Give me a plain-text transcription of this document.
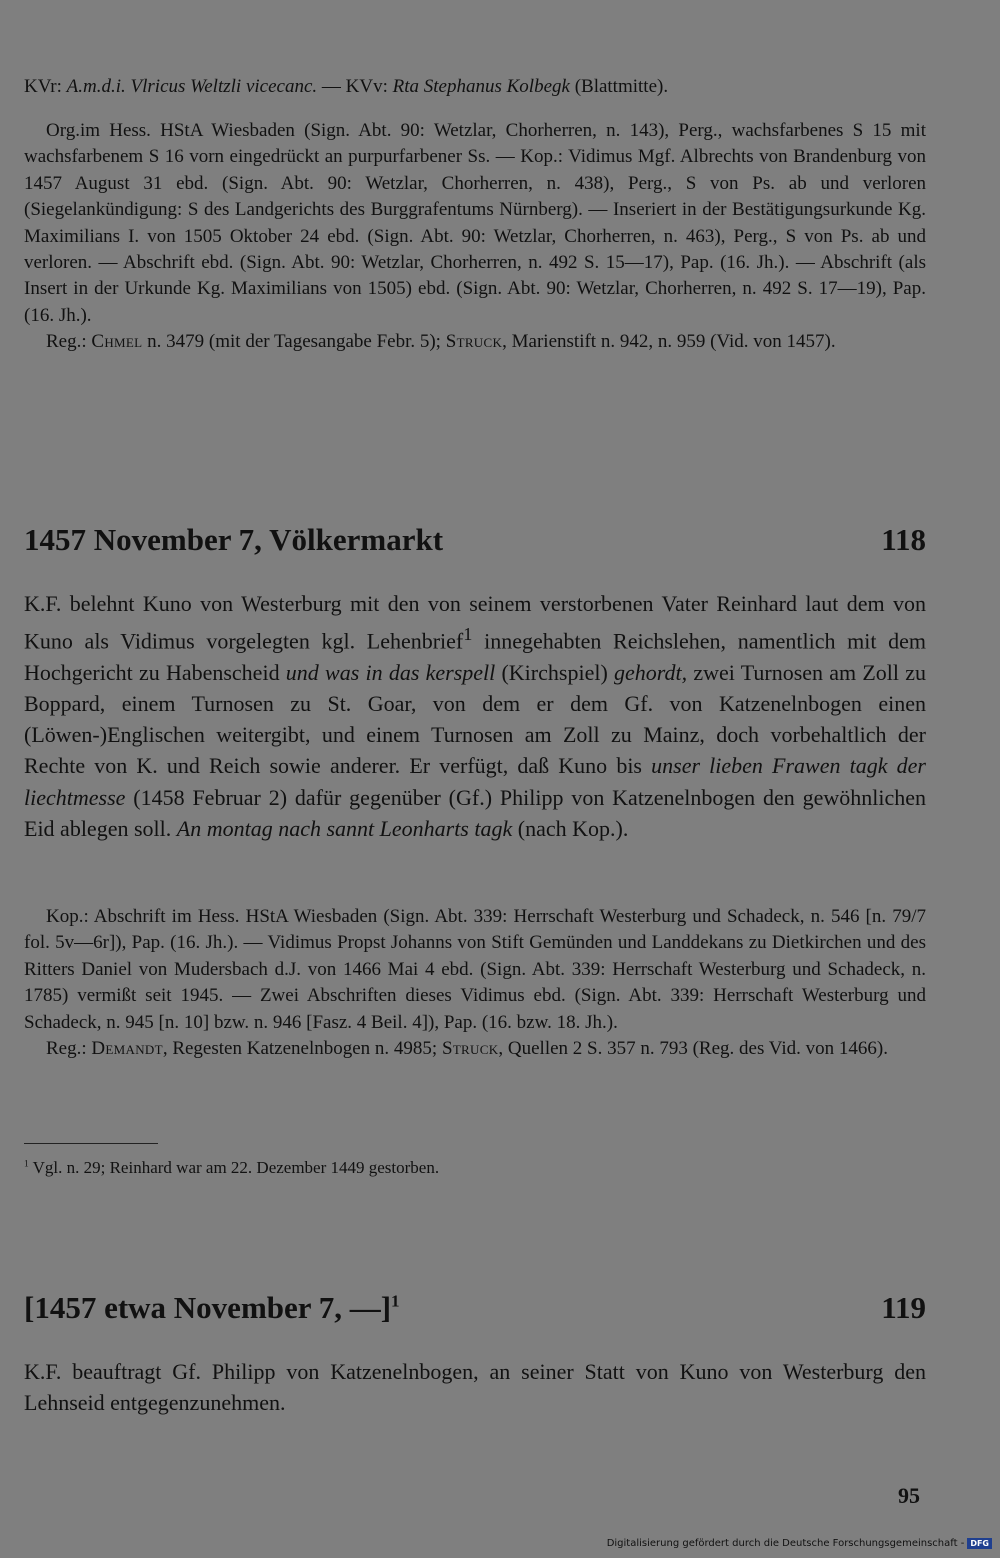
KVr: A.m.d.i. Vlricus Weltzli vicecanc. — KVv: Rta Stephanus Kolbegk (Blattmitte).

Org.im Hess. HStA Wiesbaden (Sign. Abt. 90: Wetzlar, Chorherren, n. 143), Perg., wachsfarbenes S 15 mit wachsfarbenem S 16 vorn eingedrückt an purpurfarbener Ss. — Kop.: Vidimus Mgf. Albrechts von Brandenburg von 1457 August 31 ebd. (Sign. Abt. 90: Wetzlar, Chorherren, n. 438), Perg., S von Ps. ab und verloren (Siegelankündigung: S des Landgerichts des Burggrafentums Nürnberg). — Inseriert in der Bestätigungsurkunde Kg. Maximilians I. von 1505 Oktober 24 ebd. (Sign. Abt. 90: Wetzlar, Chorherren, n. 463), Perg., S von Ps. ab und verloren. — Abschrift ebd. (Sign. Abt. 90: Wetzlar, Chorherren, n. 492 S. 15—17), Pap. (16. Jh.). — Abschrift (als Insert in der Urkunde Kg. Maximilians von 1505) ebd. (Sign. Abt. 90: Wetzlar, Chorherren, n. 492 S. 17—19), Pap. (16. Jh.).

Reg.: Chmel n. 3479 (mit der Tagesangabe Febr. 5); Struck, Marienstift n. 942, n. 959 (Vid. von 1457).

1457 November 7, Völkermarkt	118

K.F. belehnt Kuno von Westerburg mit den von seinem verstorbenen Vater Reinhard laut dem von Kuno als Vidimus vorgelegten kgl. Lehenbrief$^1$ innegehabten Reichslehen, namentlich mit dem Hochgericht zu Habenscheid und was in das kerspell (Kirchspiel) gehordt, zwei Turnosen am Zoll zu Boppard, einem Turnosen zu St. Goar, von dem er dem Gf. von Katzenelnbogen einen (Löwen-)Englischen weitergibt, und einem Turnosen am Zoll zu Mainz, doch vorbehaltlich der Rechte von K. und Reich sowie anderer. Er verfügt, daß Kuno bis unser lieben Frawen tagk der liechtmesse (1458 Februar 2) dafür gegenüber (Gf.) Philipp von Katzenelnbogen den gewöhnlichen Eid ablegen soll. An montag nach sannt Leonharts tagk (nach Kop.).

Kop.: Abschrift im Hess. HStA Wiesbaden (Sign. Abt. 339: Herrschaft Westerburg und Schadeck, n. 546 [n. 79/7 fol. 5v—6r]), Pap. (16. Jh.). — Vidimus Propst Johanns von Stift Gemünden und Landdekans zu Dietkirchen und des Ritters Daniel von Mudersbach d.J. von 1466 Mai 4 ebd. (Sign. Abt. 339: Herrschaft Westerburg und Schadeck, n. 1785) vermißt seit 1945. — Zwei Abschriften dieses Vidimus ebd. (Sign. Abt. 339: Herrschaft Westerburg und Schadeck, n. 945 [n. 10] bzw. n. 946 [Fasz. 4 Beil. 4]), Pap. (16. bzw. 18. Jh.).

Reg.: Demandt, Regesten Katzenelnbogen n. 4985; Struck, Quellen 2 S. 357 n. 793 (Reg. des Vid. von 1466).

$^1$ Vgl. n. 29; Reinhard war am 22. Dezember 1449 gestorben.
[1457 etwa November 7, —]$^1$	119

K.F. beauftragt Gf. Philipp von Katzenelnbogen, an seiner Statt von Kuno von Westerburg den Lehnseid entgegenzunehmen.

95
Digitalisierung gefördert durch die Deutsche Forschungsgemeinschaft - DFG
